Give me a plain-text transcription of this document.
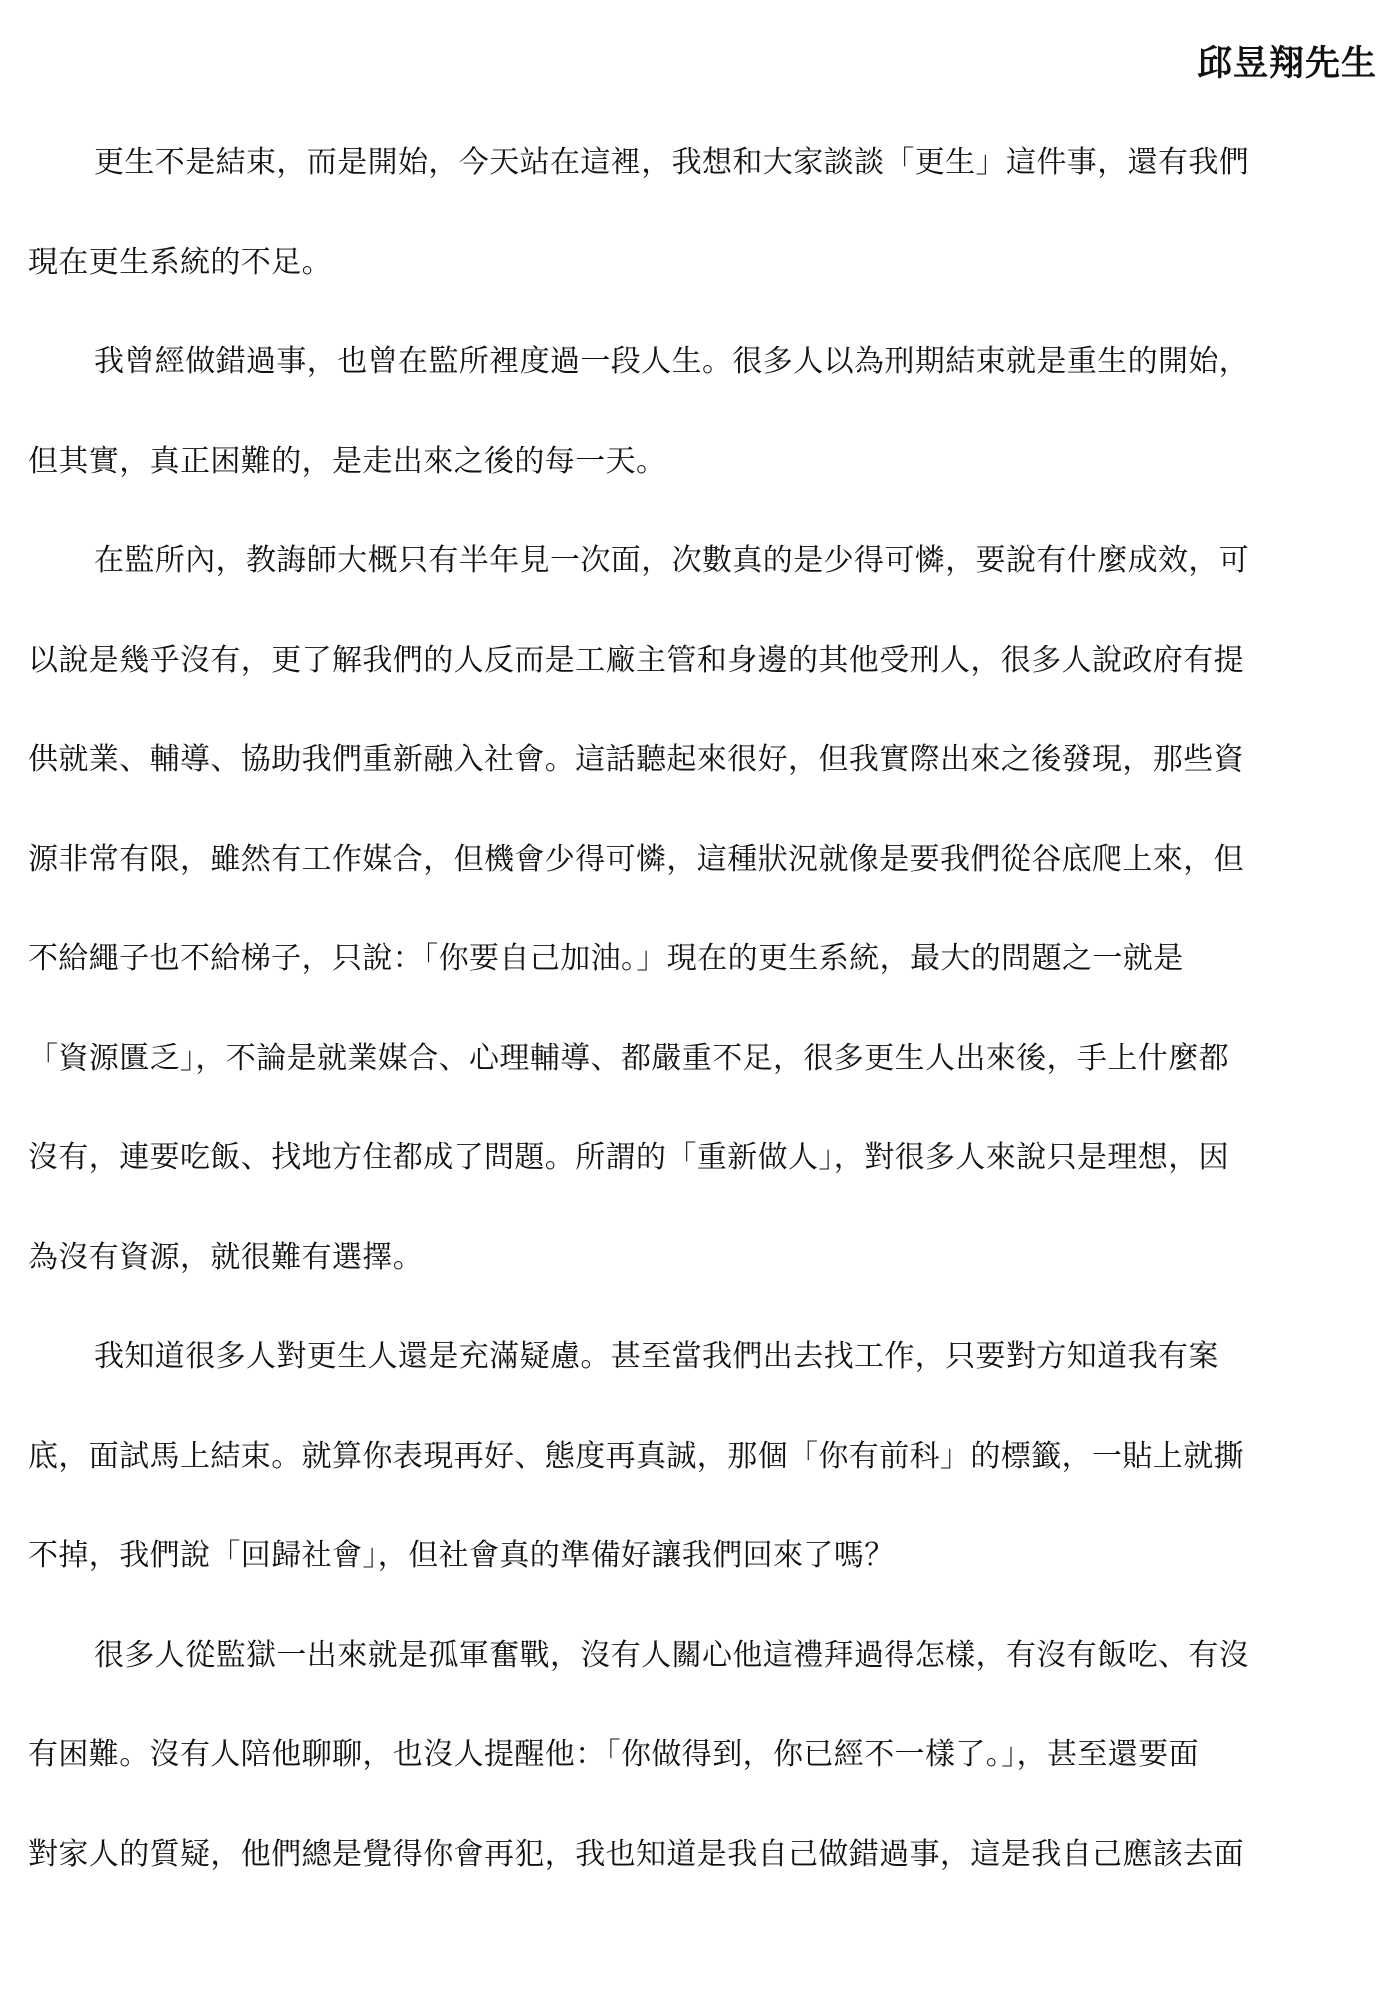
邱昱翔先生
更生不是結束，而是開始，今天站在這裡，我想和大家談談「更生」這件事，還有我們
現在更生系統的不足。
我曾經做錯過事，也曾在監所裡度過一段人生。很多人以為刑期結束就是重生的開始，
但其實，真正困難的，是走出來之後的每一天。
在監所內，教誨師大概只有半年見一次面，次數真的是少得可憐，要說有什麼成效，可
以說是幾乎沒有，更了解我們的人反而是工廠主管和身邊的其他受刑人，很多人說政府有提
供就業、輔導、協助我們重新融入社會。這話聽起來很好，但我實際出來之後發現，那些資
源非常有限，雖然有工作媒合，但機會少得可憐，這種狀況就像是要我們從谷底爬上來，但
不給繩子也不給梯子，只說：「你要自己加油。」現在的更生系統，最大的問題之一就是
「資源匱乏」，不論是就業媒合、心理輔導、都嚴重不足，很多更生人出來後，手上什麼都
沒有，連要吃飯、找地方住都成了問題。所謂的「重新做人」，對很多人來說只是理想，因
為沒有資源，就很難有選擇。
我知道很多人對更生人還是充滿疑慮。甚至當我們出去找工作，只要對方知道我有案
底，面試馬上結束。就算你表現再好、態度再真誠，那個「你有前科」的標籤，一貼上就撕
不掉，我們說「回歸社會」，但社會真的準備好讓我們回來了嗎？
很多人從監獄一出來就是孤軍奮戰，沒有人關心他這禮拜過得怎樣，有沒有飯吃、有沒
有困難。沒有人陪他聊聊，也沒人提醒他：「你做得到，你已經不一樣了。」，甚至還要面
對家人的質疑，他們總是覺得你會再犯，我也知道是我自己做錯過事，這是我自己應該去面
